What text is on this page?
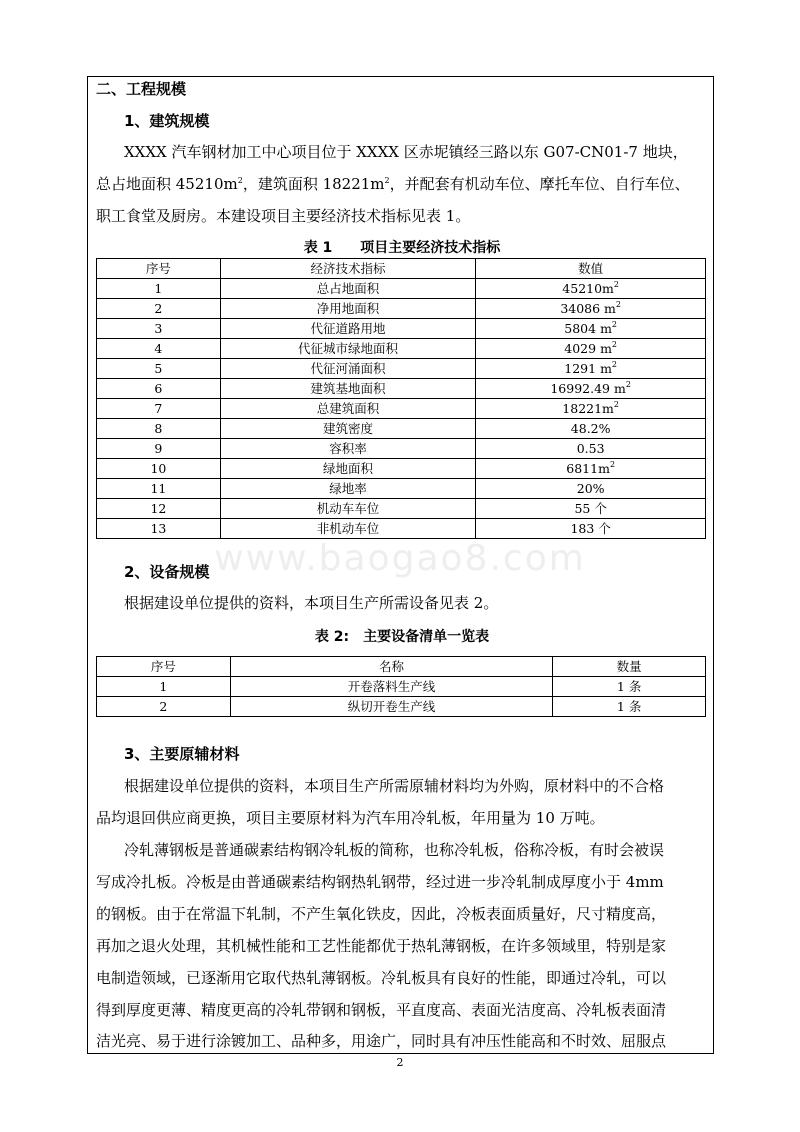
二、工程规模
1、建筑规模
XXXX 汽车钢材加工中心项目位于 XXXX 区赤坭镇经三路以东 G07-CN01-7 地块，
总占地面积 $45210m^2$，建筑面积 $18221m^2$，并配套有机动车位、摩托车位、自行车位、
职工食堂及厨房。本建设项目主要经济技术指标见表 1。
表 1　　项目主要经济技术指标
序号	经济技术指标	数值
1	总占地面积	$45210m^2$
2	净用地面积	34086 $m^2$
3	代征道路用地	5804 $m^2$
4	代征城市绿地面积	4029 $m^2$
5	代征河涌面积	1291 $m^2$
6	建筑基地面积	16992.49 $m^2$
7	总建筑面积	$18221m^2$
8	建筑密度	48.2%
9	容积率	0.53
10	绿地面积	$6811m^2$
11	绿地率	20%
12	机动车车位	55 个
13	非机动车位	183 个
www.baogao8.com
2、设备规模
根据建设单位提供的资料，本项目生产所需设备见表 2。
表 2:　主要设备清单一览表
序号	名称	数量
1	开卷落料生产线	1 条
2	纵切开卷生产线	1 条
3、主要原辅材料
根据建设单位提供的资料，本项目生产所需原辅材料均为外购，原材料中的不合格
品均退回供应商更换，项目主要原材料为汽车用冷轧板，年用量为 10 万吨。
冷轧薄钢板是普通碳素结构钢冷轧板的简称，也称冷轧板，俗称冷板，有时会被误
写成冷扎板。冷板是由普通碳素结构钢热轧钢带，经过进一步冷轧制成厚度小于 4mm
的钢板。由于在常温下轧制，不产生氧化铁皮，因此，冷板表面质量好，尺寸精度高，
再加之退火处理，其机械性能和工艺性能都优于热轧薄钢板，在许多领域里，特别是家
电制造领域，已逐渐用它取代热轧薄钢板。冷轧板具有良好的性能，即通过冷轧，可以
得到厚度更薄、精度更高的冷轧带钢和钢板，平直度高、表面光洁度高、冷轧板表面清
洁光亮、易于进行涂镀加工、品种多，用途广，同时具有冲压性能高和不时效、屈服点
2
